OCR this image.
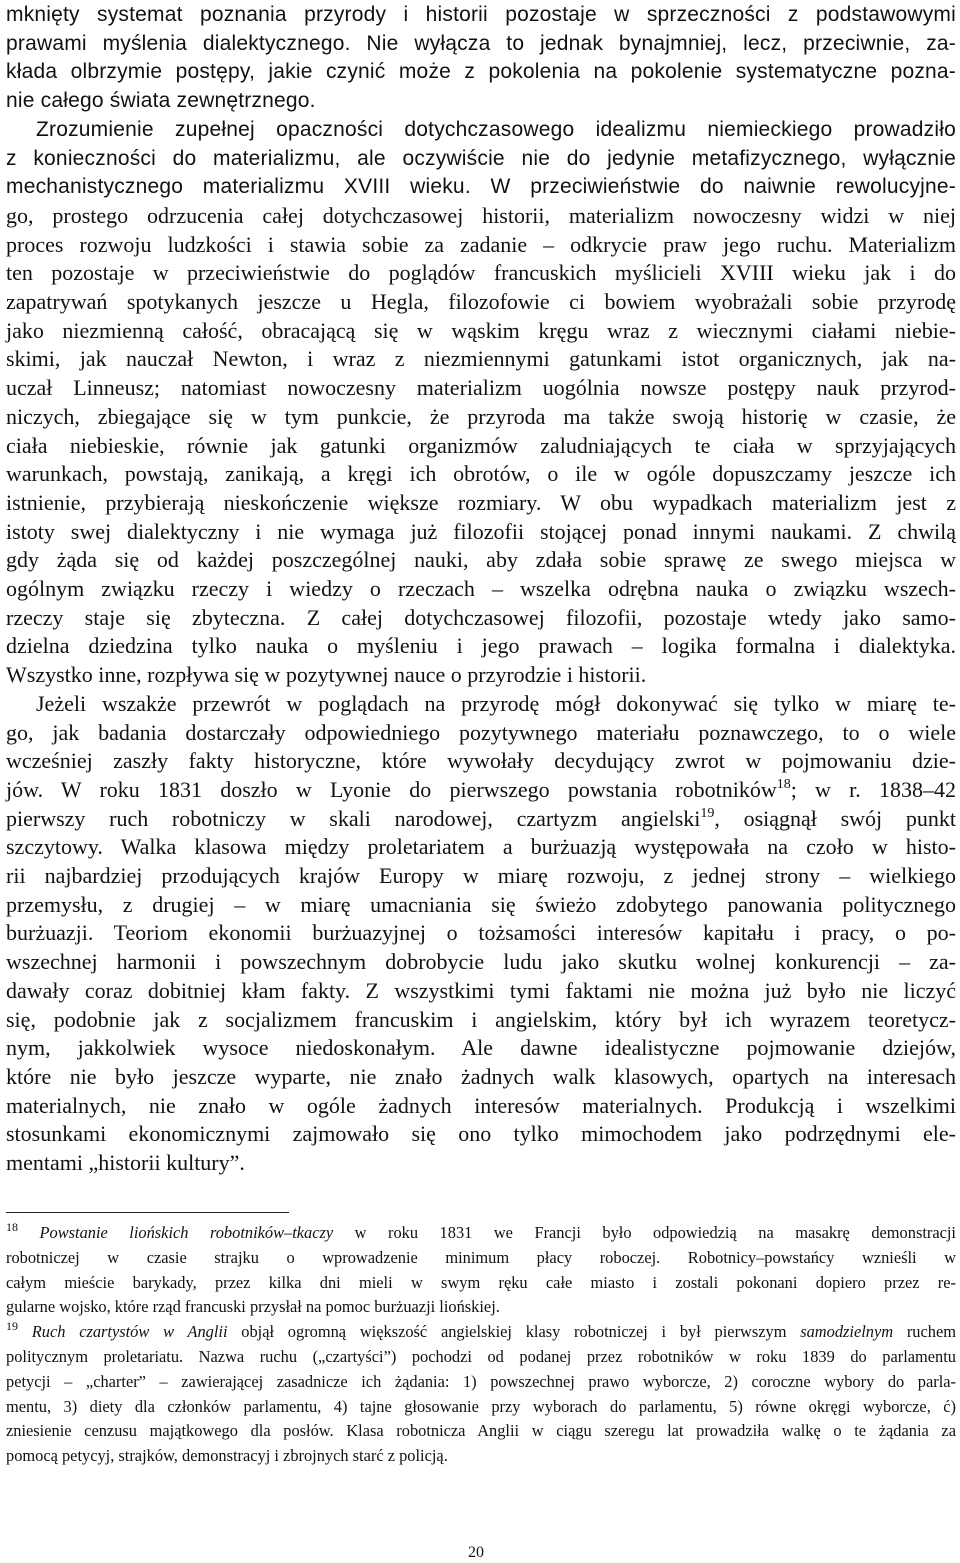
mknięty systemat poznania przyrody i historii pozostaje w sprzeczności z podstawowymi
prawami myślenia dialektycznego. Nie wyłącza to jednak bynajmniej, lecz, przeciwnie, za-
kłada olbrzymie postępy, jakie czynić może z pokolenia na pokolenie systematyczne pozna-
nie całego świata zewnętrznego.
Zrozumienie zupełnej opaczności dotychczasowego idealizmu niemieckiego prowadziło
z konieczności do materializmu, ale oczywiście nie do jedynie metafizycznego, wyłącznie
mechanistycznego materializmu XVIII wieku. W przeciwieństwie do naiwnie rewolucyjne-
go, prostego odrzucenia całej dotychczasowej historii, materializm nowoczesny widzi w niej
proces rozwoju ludzkości i stawia sobie za zadanie – odkrycie praw jego ruchu. Materializm
ten pozostaje w przeciwieństwie do poglądów francuskich myślicieli XVIII wieku jak i do
zapatrywań spotykanych jeszcze u Hegla, filozofowie ci bowiem wyobrażali sobie przyrodę
jako niezmienną całość, obracającą się w wąskim kręgu wraz z wiecznymi ciałami niebie-
skimi, jak nauczał Newton, i wraz z niezmiennymi gatunkami istot organicznych, jak na-
uczał Linneusz; natomiast nowoczesny materializm uogólnia nowsze postępy nauk przyrod-
niczych, zbiegające się w tym punkcie, że przyroda ma także swoją historię w czasie, że
ciała niebieskie, równie jak gatunki organizmów zaludniających te ciała w sprzyjających
warunkach, powstają, zanikają, a kręgi ich obrotów, o ile w ogóle dopuszczamy jeszcze ich
istnienie, przybierają nieskończenie większe rozmiary. W obu wypadkach materializm jest z
istoty swej dialektyczny i nie wymaga już filozofii stojącej ponad innymi naukami. Z chwilą
gdy żąda się od każdej poszczególnej nauki, aby zdała sobie sprawę ze swego miejsca w
ogólnym związku rzeczy i wiedzy o rzeczach – wszelka odrębna nauka o związku wszech-
rzeczy staje się zbyteczna. Z całej dotychczasowej filozofii, pozostaje wtedy jako samo-
dzielna dziedzina tylko nauka o myśleniu i jego prawach – logika formalna i dialektyka.
Wszystko inne, rozpływa się w pozytywnej nauce o przyrodzie i historii.
Jeżeli wszakże przewrót w poglądach na przyrodę mógł dokonywać się tylko w miarę te-
go, jak badania dostarczały odpowiedniego pozytywnego materiału poznawczego, to o wiele
wcześniej zaszły fakty historyczne, które wywołały decydujący zwrot w pojmowaniu dzie-
jów. W roku 1831 doszło w Lyonie do pierwszego powstania robotników$^{18}$; w r. 1838–42
pierwszy ruch robotniczy w skali narodowej, czartyzm angielski$^{19}$, osiągnął swój punkt
szczytowy. Walka klasowa między proletariatem a burżuazją występowała na czoło w histo-
rii najbardziej przodujących krajów Europy w miarę rozwoju, z jednej strony – wielkiego
przemysłu, z drugiej – w miarę umacniania się świeżo zdobytego panowania politycznego
burżuazji. Teoriom ekonomii burżuazyjnej o tożsamości interesów kapitału i pracy, o po-
wszechnej harmonii i powszechnym dobrobycie ludu jako skutku wolnej konkurencji – za-
dawały coraz dobitniej kłam fakty. Z wszystkimi tymi faktami nie można już było nie liczyć
się, podobnie jak z socjalizmem francuskim i angielskim, który był ich wyrazem teoretycz-
nym, jakkolwiek wysoce niedoskonałym. Ale dawne idealistyczne pojmowanie dziejów,
które nie było jeszcze wyparte, nie znało żadnych walk klasowych, opartych na interesach
materialnych, nie znało w ogóle żadnych interesów materialnych. Produkcją i wszelkimi
stosunkami ekonomicznymi zajmowało się ono tylko mimochodem jako podrzędnymi ele-
mentami „historii kultury”.
$^{18}$ Powstanie liońskich robotników–tkaczy w roku 1831 we Francji było odpowiedzią na masakrę demonstracji
robotniczej w czasie strajku o wprowadzenie minimum płacy roboczej. Robotnicy–powstańcy wznieśli w
całym mieście barykady, przez kilka dni mieli w swym ręku całe miasto i zostali pokonani dopiero przez re-
gularne wojsko, które rząd francuski przysłał na pomoc burżuazji liońskiej.
$^{19}$ Ruch czartystów w Anglii objął ogromną większość angielskiej klasy robotniczej i był pierwszym samodzielnym ruchem
politycznym proletariatu. Nazwa ruchu („czartyści”) pochodzi od podanej przez robotników w roku 1839 do parlamentu
petycji – „charter” – zawierającej zasadnicze ich żądania: 1) powszechnej prawo wyborcze, 2) coroczne wybory do parla-
mentu, 3) diety dla członków parlamentu, 4) tajne głosowanie przy wyborach do parlamentu, 5) równe okręgi wyborcze, ć)
zniesienie cenzusu majątkowego dla posłów. Klasa robotnicza Anglii w ciągu szeregu lat prowadziła walkę o te żądania za
pomocą petycyj, strajków, demonstracyj i zbrojnych starć z policją.
20
